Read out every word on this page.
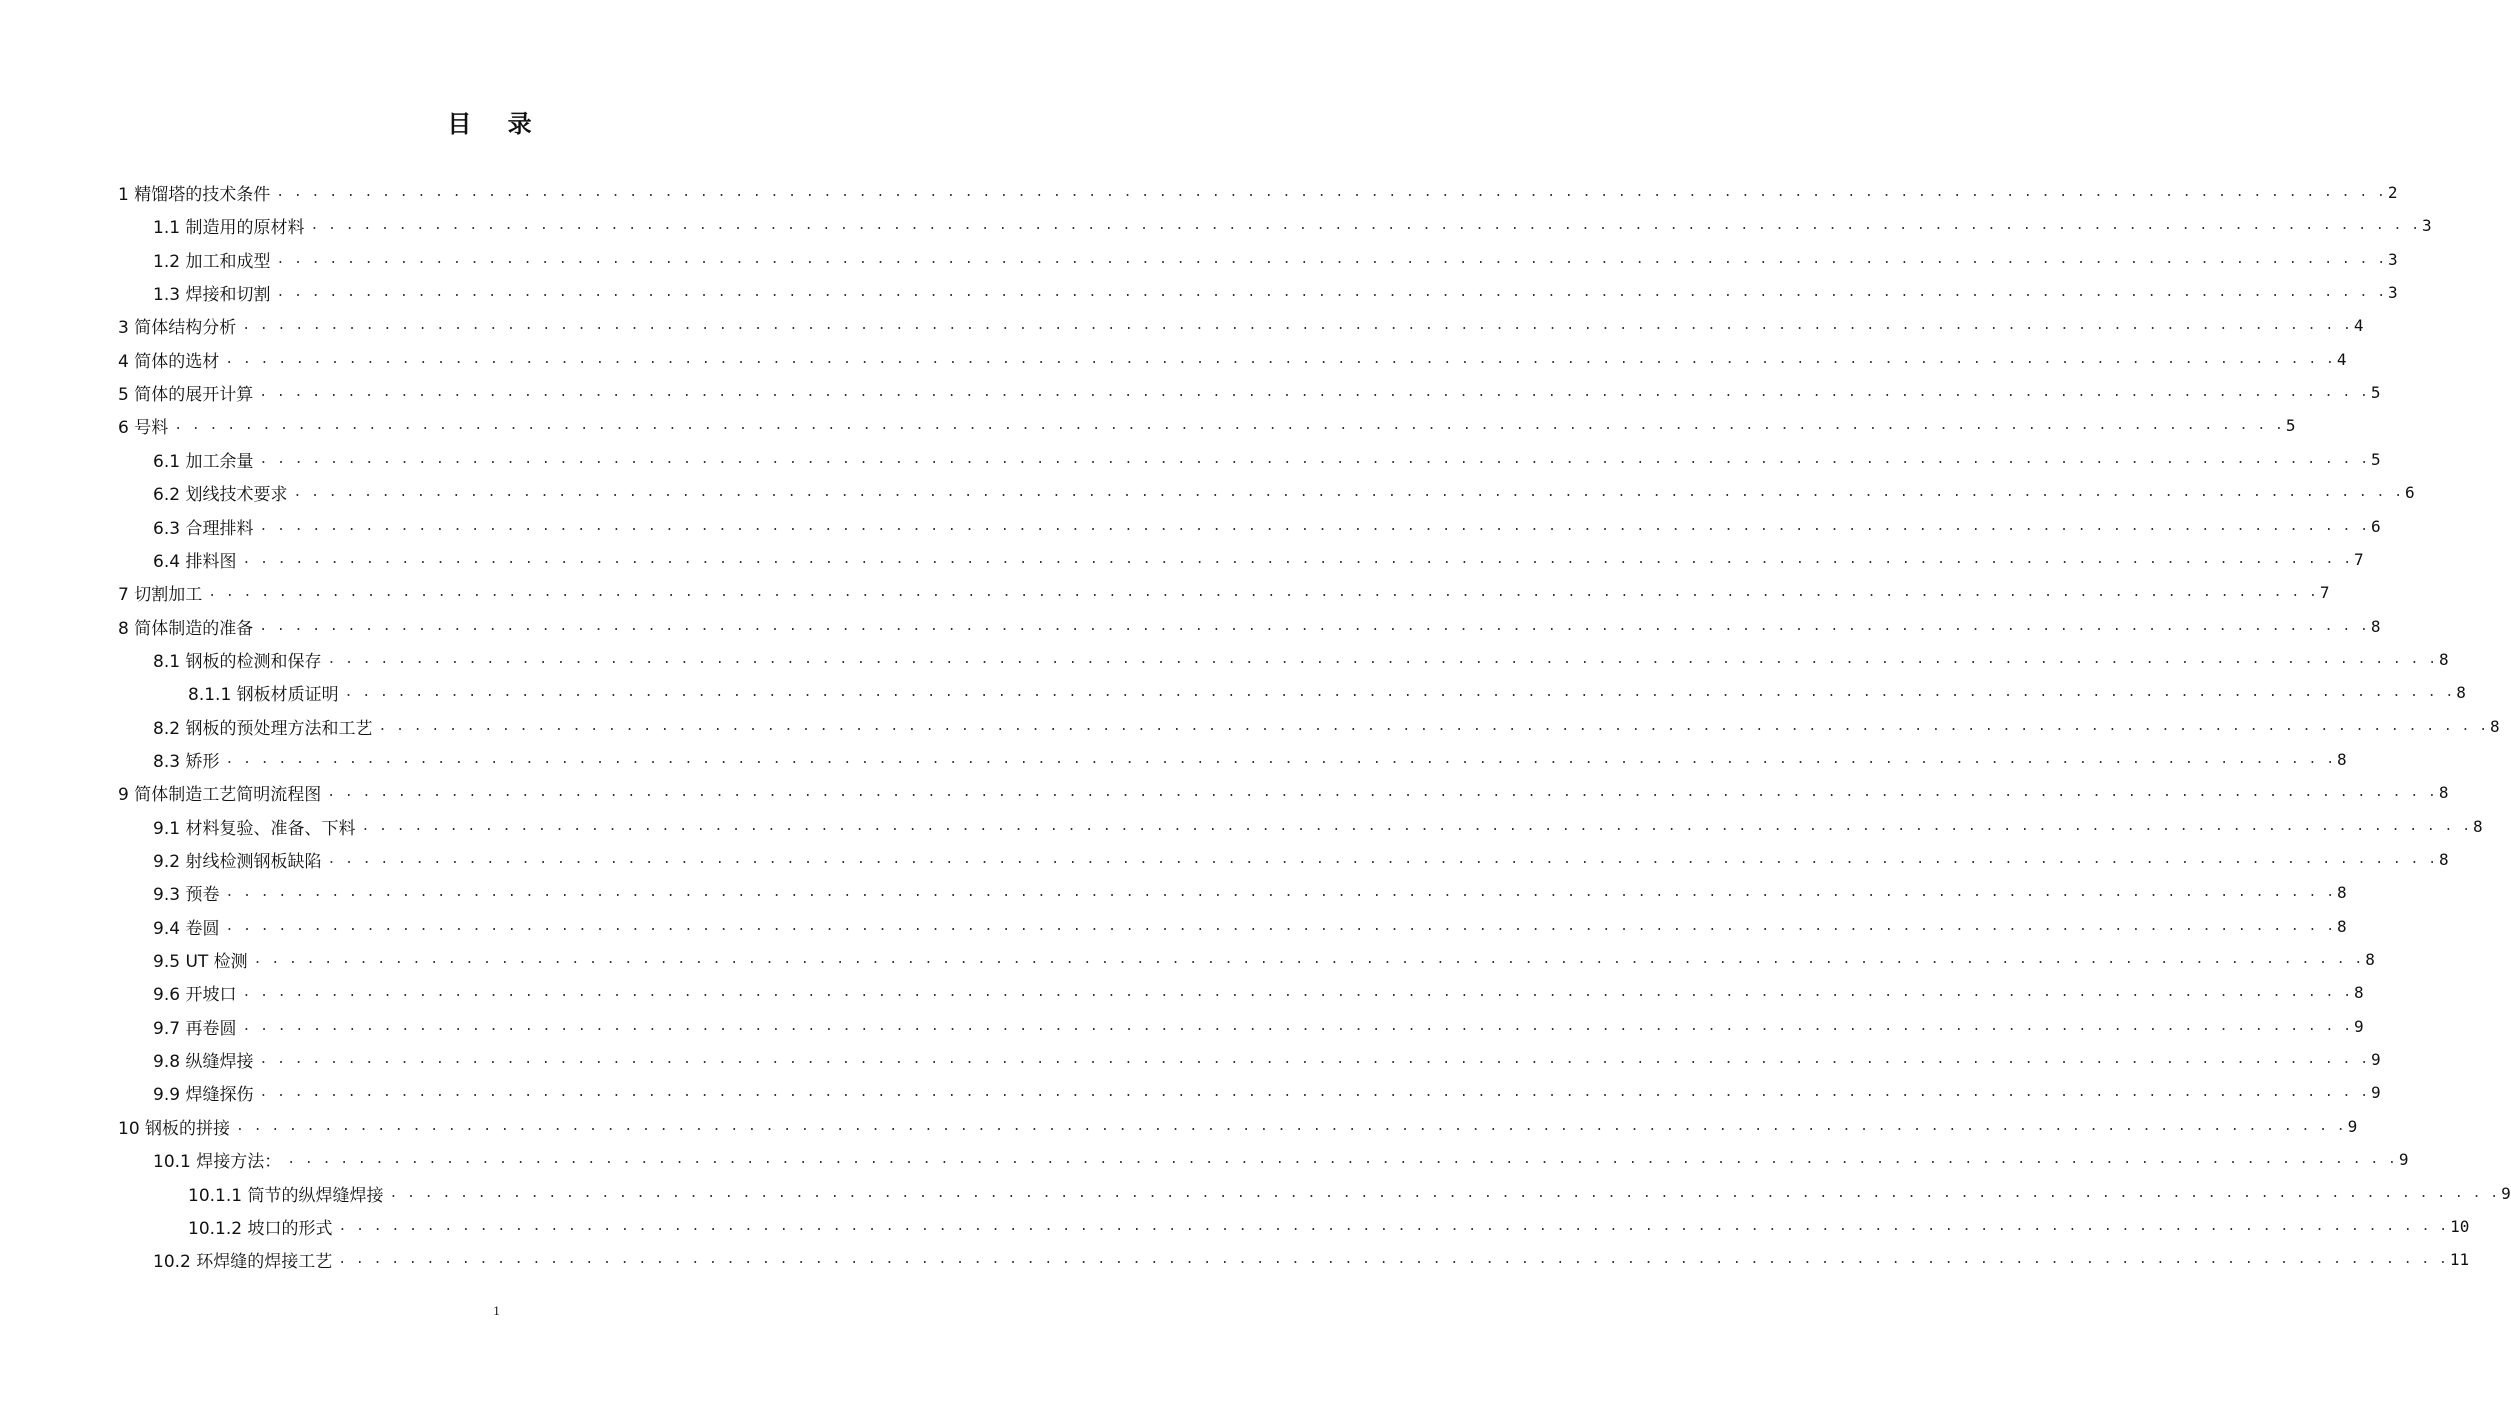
目 录
1 精馏塔的技术条件 . . . . . . . . . . . . . . . . . . . . . . . . . . . . . . . . . . . . . . . . . . . . . . . . . . . . . . . . . . . . . . . . . . . . . . . . . . . . . . . . . . . . . . . . . . . . . . . . . . . . . . . . . . . . . . . . . . . . . . . . 2
1.1 制造用的原材料 . . . . . . . . . . . . . . . . . . . . . . . . . . . . . . . . . . . . . . . . . . . . . . . . . . . . . . . . . . . . . . . . . . . . . . . . . . . . . . . . . . . . . . . . . . . . . . . . . . . . . . . . . . . . . . . . . . . . . . . . 3
1.2 加工和成型 . . . . . . . . . . . . . . . . . . . . . . . . . . . . . . . . . . . . . . . . . . . . . . . . . . . . . . . . . . . . . . . . . . . . . . . . . . . . . . . . . . . . . . . . . . . . . . . . . . . . . . . . . . . . . . . . . . . . . . . . 3
1.3 焊接和切割 . . . . . . . . . . . . . . . . . . . . . . . . . . . . . . . . . . . . . . . . . . . . . . . . . . . . . . . . . . . . . . . . . . . . . . . . . . . . . . . . . . . . . . . . . . . . . . . . . . . . . . . . . . . . . . . . . . . . . . . . 3
3 简体结构分析 . . . . . . . . . . . . . . . . . . . . . . . . . . . . . . . . . . . . . . . . . . . . . . . . . . . . . . . . . . . . . . . . . . . . . . . . . . . . . . . . . . . . . . . . . . . . . . . . . . . . . . . . . . . . . . . . . . . . . . . . 4
4 简体的选材 . . . . . . . . . . . . . . . . . . . . . . . . . . . . . . . . . . . . . . . . . . . . . . . . . . . . . . . . . . . . . . . . . . . . . . . . . . . . . . . . . . . . . . . . . . . . . . . . . . . . . . . . . . . . . . . . . . . . . . . . 4
5 简体的展开计算 . . . . . . . . . . . . . . . . . . . . . . . . . . . . . . . . . . . . . . . . . . . . . . . . . . . . . . . . . . . . . . . . . . . . . . . . . . . . . . . . . . . . . . . . . . . . . . . . . . . . . . . . . . . . . . . . . . . . . . . . 5
6 号料 . . . . . . . . . . . . . . . . . . . . . . . . . . . . . . . . . . . . . . . . . . . . . . . . . . . . . . . . . . . . . . . . . . . . . . . . . . . . . . . . . . . . . . . . . . . . . . . . . . . . . . . . . . . . . . . . . . . . . . . . 5
6.1 加工余量 . . . . . . . . . . . . . . . . . . . . . . . . . . . . . . . . . . . . . . . . . . . . . . . . . . . . . . . . . . . . . . . . . . . . . . . . . . . . . . . . . . . . . . . . . . . . . . . . . . . . . . . . . . . . . . . . . . . . . . . . 5
6.2 划线技术要求 . . . . . . . . . . . . . . . . . . . . . . . . . . . . . . . . . . . . . . . . . . . . . . . . . . . . . . . . . . . . . . . . . . . . . . . . . . . . . . . . . . . . . . . . . . . . . . . . . . . . . . . . . . . . . . . . . . . . . . . . 6
6.3 合理排料 . . . . . . . . . . . . . . . . . . . . . . . . . . . . . . . . . . . . . . . . . . . . . . . . . . . . . . . . . . . . . . . . . . . . . . . . . . . . . . . . . . . . . . . . . . . . . . . . . . . . . . . . . . . . . . . . . . . . . . . . 6
6.4 排料图 . . . . . . . . . . . . . . . . . . . . . . . . . . . . . . . . . . . . . . . . . . . . . . . . . . . . . . . . . . . . . . . . . . . . . . . . . . . . . . . . . . . . . . . . . . . . . . . . . . . . . . . . . . . . . . . . . . . . . . . . 7
7 切割加工 . . . . . . . . . . . . . . . . . . . . . . . . . . . . . . . . . . . . . . . . . . . . . . . . . . . . . . . . . . . . . . . . . . . . . . . . . . . . . . . . . . . . . . . . . . . . . . . . . . . . . . . . . . . . . . . . . . . . . . . . 7
8 简体制造的准备 . . . . . . . . . . . . . . . . . . . . . . . . . . . . . . . . . . . . . . . . . . . . . . . . . . . . . . . . . . . . . . . . . . . . . . . . . . . . . . . . . . . . . . . . . . . . . . . . . . . . . . . . . . . . . . . . . . . . . . . . 8
8.1 钢板的检测和保存 . . . . . . . . . . . . . . . . . . . . . . . . . . . . . . . . . . . . . . . . . . . . . . . . . . . . . . . . . . . . . . . . . . . . . . . . . . . . . . . . . . . . . . . . . . . . . . . . . . . . . . . . . . . . . . . . . . . . . . . . 8
8.1.1 钢板材质证明 . . . . . . . . . . . . . . . . . . . . . . . . . . . . . . . . . . . . . . . . . . . . . . . . . . . . . . . . . . . . . . . . . . . . . . . . . . . . . . . . . . . . . . . . . . . . . . . . . . . . . . . . . . . . . . . . . . . . . . . . 8
8.2 钢板的预处理方法和工艺 . . . . . . . . . . . . . . . . . . . . . . . . . . . . . . . . . . . . . . . . . . . . . . . . . . . . . . . . . . . . . . . . . . . . . . . . . . . . . . . . . . . . . . . . . . . . . . . . . . . . . . . . . . . . . . . . . . . . . . . . 8
8.3 矫形 . . . . . . . . . . . . . . . . . . . . . . . . . . . . . . . . . . . . . . . . . . . . . . . . . . . . . . . . . . . . . . . . . . . . . . . . . . . . . . . . . . . . . . . . . . . . . . . . . . . . . . . . . . . . . . . . . . . . . . . . 8
9 简体制造工艺简明流程图 . . . . . . . . . . . . . . . . . . . . . . . . . . . . . . . . . . . . . . . . . . . . . . . . . . . . . . . . . . . . . . . . . . . . . . . . . . . . . . . . . . . . . . . . . . . . . . . . . . . . . . . . . . . . . . . . . . . . . . . . 8
9.1 材料复验、准备、下料 . . . . . . . . . . . . . . . . . . . . . . . . . . . . . . . . . . . . . . . . . . . . . . . . . . . . . . . . . . . . . . . . . . . . . . . . . . . . . . . . . . . . . . . . . . . . . . . . . . . . . . . . . . . . . . . . . . . . . . . . 8
9.2 射线检测钢板缺陷 . . . . . . . . . . . . . . . . . . . . . . . . . . . . . . . . . . . . . . . . . . . . . . . . . . . . . . . . . . . . . . . . . . . . . . . . . . . . . . . . . . . . . . . . . . . . . . . . . . . . . . . . . . . . . . . . . . . . . . . . 8
9.3 预卷 . . . . . . . . . . . . . . . . . . . . . . . . . . . . . . . . . . . . . . . . . . . . . . . . . . . . . . . . . . . . . . . . . . . . . . . . . . . . . . . . . . . . . . . . . . . . . . . . . . . . . . . . . . . . . . . . . . . . . . . . 8
9.4 卷圆 . . . . . . . . . . . . . . . . . . . . . . . . . . . . . . . . . . . . . . . . . . . . . . . . . . . . . . . . . . . . . . . . . . . . . . . . . . . . . . . . . . . . . . . . . . . . . . . . . . . . . . . . . . . . . . . . . . . . . . . . 8
9.5 UT 检测 . . . . . . . . . . . . . . . . . . . . . . . . . . . . . . . . . . . . . . . . . . . . . . . . . . . . . . . . . . . . . . . . . . . . . . . . . . . . . . . . . . . . . . . . . . . . . . . . . . . . . . . . . . . . . . . . . . . . . . . . 8
9.6 开坡口 . . . . . . . . . . . . . . . . . . . . . . . . . . . . . . . . . . . . . . . . . . . . . . . . . . . . . . . . . . . . . . . . . . . . . . . . . . . . . . . . . . . . . . . . . . . . . . . . . . . . . . . . . . . . . . . . . . . . . . . . 8
9.7 再卷圆 . . . . . . . . . . . . . . . . . . . . . . . . . . . . . . . . . . . . . . . . . . . . . . . . . . . . . . . . . . . . . . . . . . . . . . . . . . . . . . . . . . . . . . . . . . . . . . . . . . . . . . . . . . . . . . . . . . . . . . . . 9
9.8 纵缝焊接 . . . . . . . . . . . . . . . . . . . . . . . . . . . . . . . . . . . . . . . . . . . . . . . . . . . . . . . . . . . . . . . . . . . . . . . . . . . . . . . . . . . . . . . . . . . . . . . . . . . . . . . . . . . . . . . . . . . . . . . . 9
9.9 焊缝探伤 . . . . . . . . . . . . . . . . . . . . . . . . . . . . . . . . . . . . . . . . . . . . . . . . . . . . . . . . . . . . . . . . . . . . . . . . . . . . . . . . . . . . . . . . . . . . . . . . . . . . . . . . . . . . . . . . . . . . . . . . 9
10 钢板的拼接 . . . . . . . . . . . . . . . . . . . . . . . . . . . . . . . . . . . . . . . . . . . . . . . . . . . . . . . . . . . . . . . . . . . . . . . . . . . . . . . . . . . . . . . . . . . . . . . . . . . . . . . . . . . . . . . . . . . . . . . . 9
10.1 焊接方法： . . . . . . . . . . . . . . . . . . . . . . . . . . . . . . . . . . . . . . . . . . . . . . . . . . . . . . . . . . . . . . . . . . . . . . . . . . . . . . . . . . . . . . . . . . . . . . . . . . . . . . . . . . . . . . . . . . . . . . . . 9
10.1.1 筒节的纵焊缝焊接 . . . . . . . . . . . . . . . . . . . . . . . . . . . . . . . . . . . . . . . . . . . . . . . . . . . . . . . . . . . . . . . . . . . . . . . . . . . . . . . . . . . . . . . . . . . . . . . . . . . . . . . . . . . . . . . . . . . . . . . . 9
10.1.2 坡口的形式 . . . . . . . . . . . . . . . . . . . . . . . . . . . . . . . . . . . . . . . . . . . . . . . . . . . . . . . . . . . . . . . . . . . . . . . . . . . . . . . . . . . . . . . . . . . . . . . . . . . . . . . . . . . . . . . . . . . . . . . . 10
10.2 环焊缝的焊接工艺 . . . . . . . . . . . . . . . . . . . . . . . . . . . . . . . . . . . . . . . . . . . . . . . . . . . . . . . . . . . . . . . . . . . . . . . . . . . . . . . . . . . . . . . . . . . . . . . . . . . . . . . . . . . . . . . . . . . . . . . . 11
1
